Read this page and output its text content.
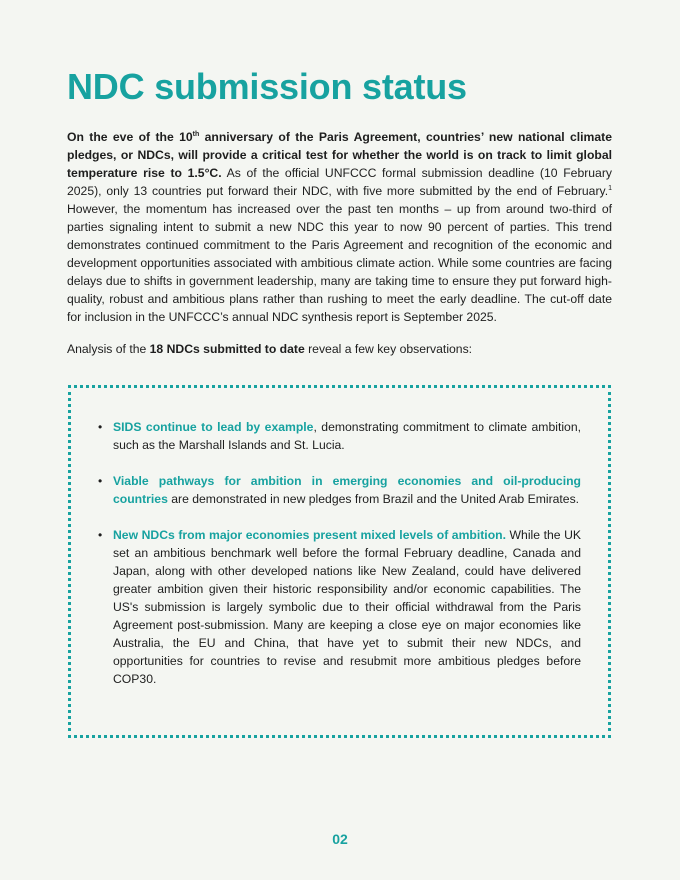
NDC submission status

On the eve of the 10th anniversary of the Paris Agreement, countries’ new national climate pledges, or NDCs, will provide a critical test for whether the world is on track to limit global temperature rise to 1.5°C. As of the official UNFCCC formal submission deadline (10 February 2025), only 13 countries put forward their NDC, with five more submitted by the end of February.$^1$ However, the momentum has increased over the past ten months – up from around two-third of parties signaling intent to submit a new NDC this year to now 90 percent of parties. This trend demonstrates continued commitment to the Paris Agreement and recognition of the economic and development opportunities associated with ambitious climate action. While some countries are facing delays due to shifts in government leadership, many are taking time to ensure they put forward high-quality, robust and ambitious plans rather than rushing to meet the early deadline. The cut-off date for inclusion in the UNFCCC’s annual NDC synthesis report is September 2025.

Analysis of the 18 NDCs submitted to date reveal a few key observations:

• SIDS continue to lead by example, demonstrating commitment to climate ambition, such as the Marshall Islands and St. Lucia.
• Viable pathways for ambition in emerging economies and oil-producing countries are demonstrated in new pledges from Brazil and the United Arab Emirates.
• New NDCs from major economies present mixed levels of ambition. While the UK set an ambitious benchmark well before the formal February deadline, Canada and Japan, along with other developed nations like New Zealand, could have delivered greater ambition given their historic responsibility and/or economic capabilities. The US's submission is largely symbolic due to their official withdrawal from the Paris Agreement post-submission. Many are keeping a close eye on major economies like Australia, the EU and China, that have yet to submit their new NDCs, and opportunities for countries to revise and resubmit more ambitious pledges before COP30.
02
